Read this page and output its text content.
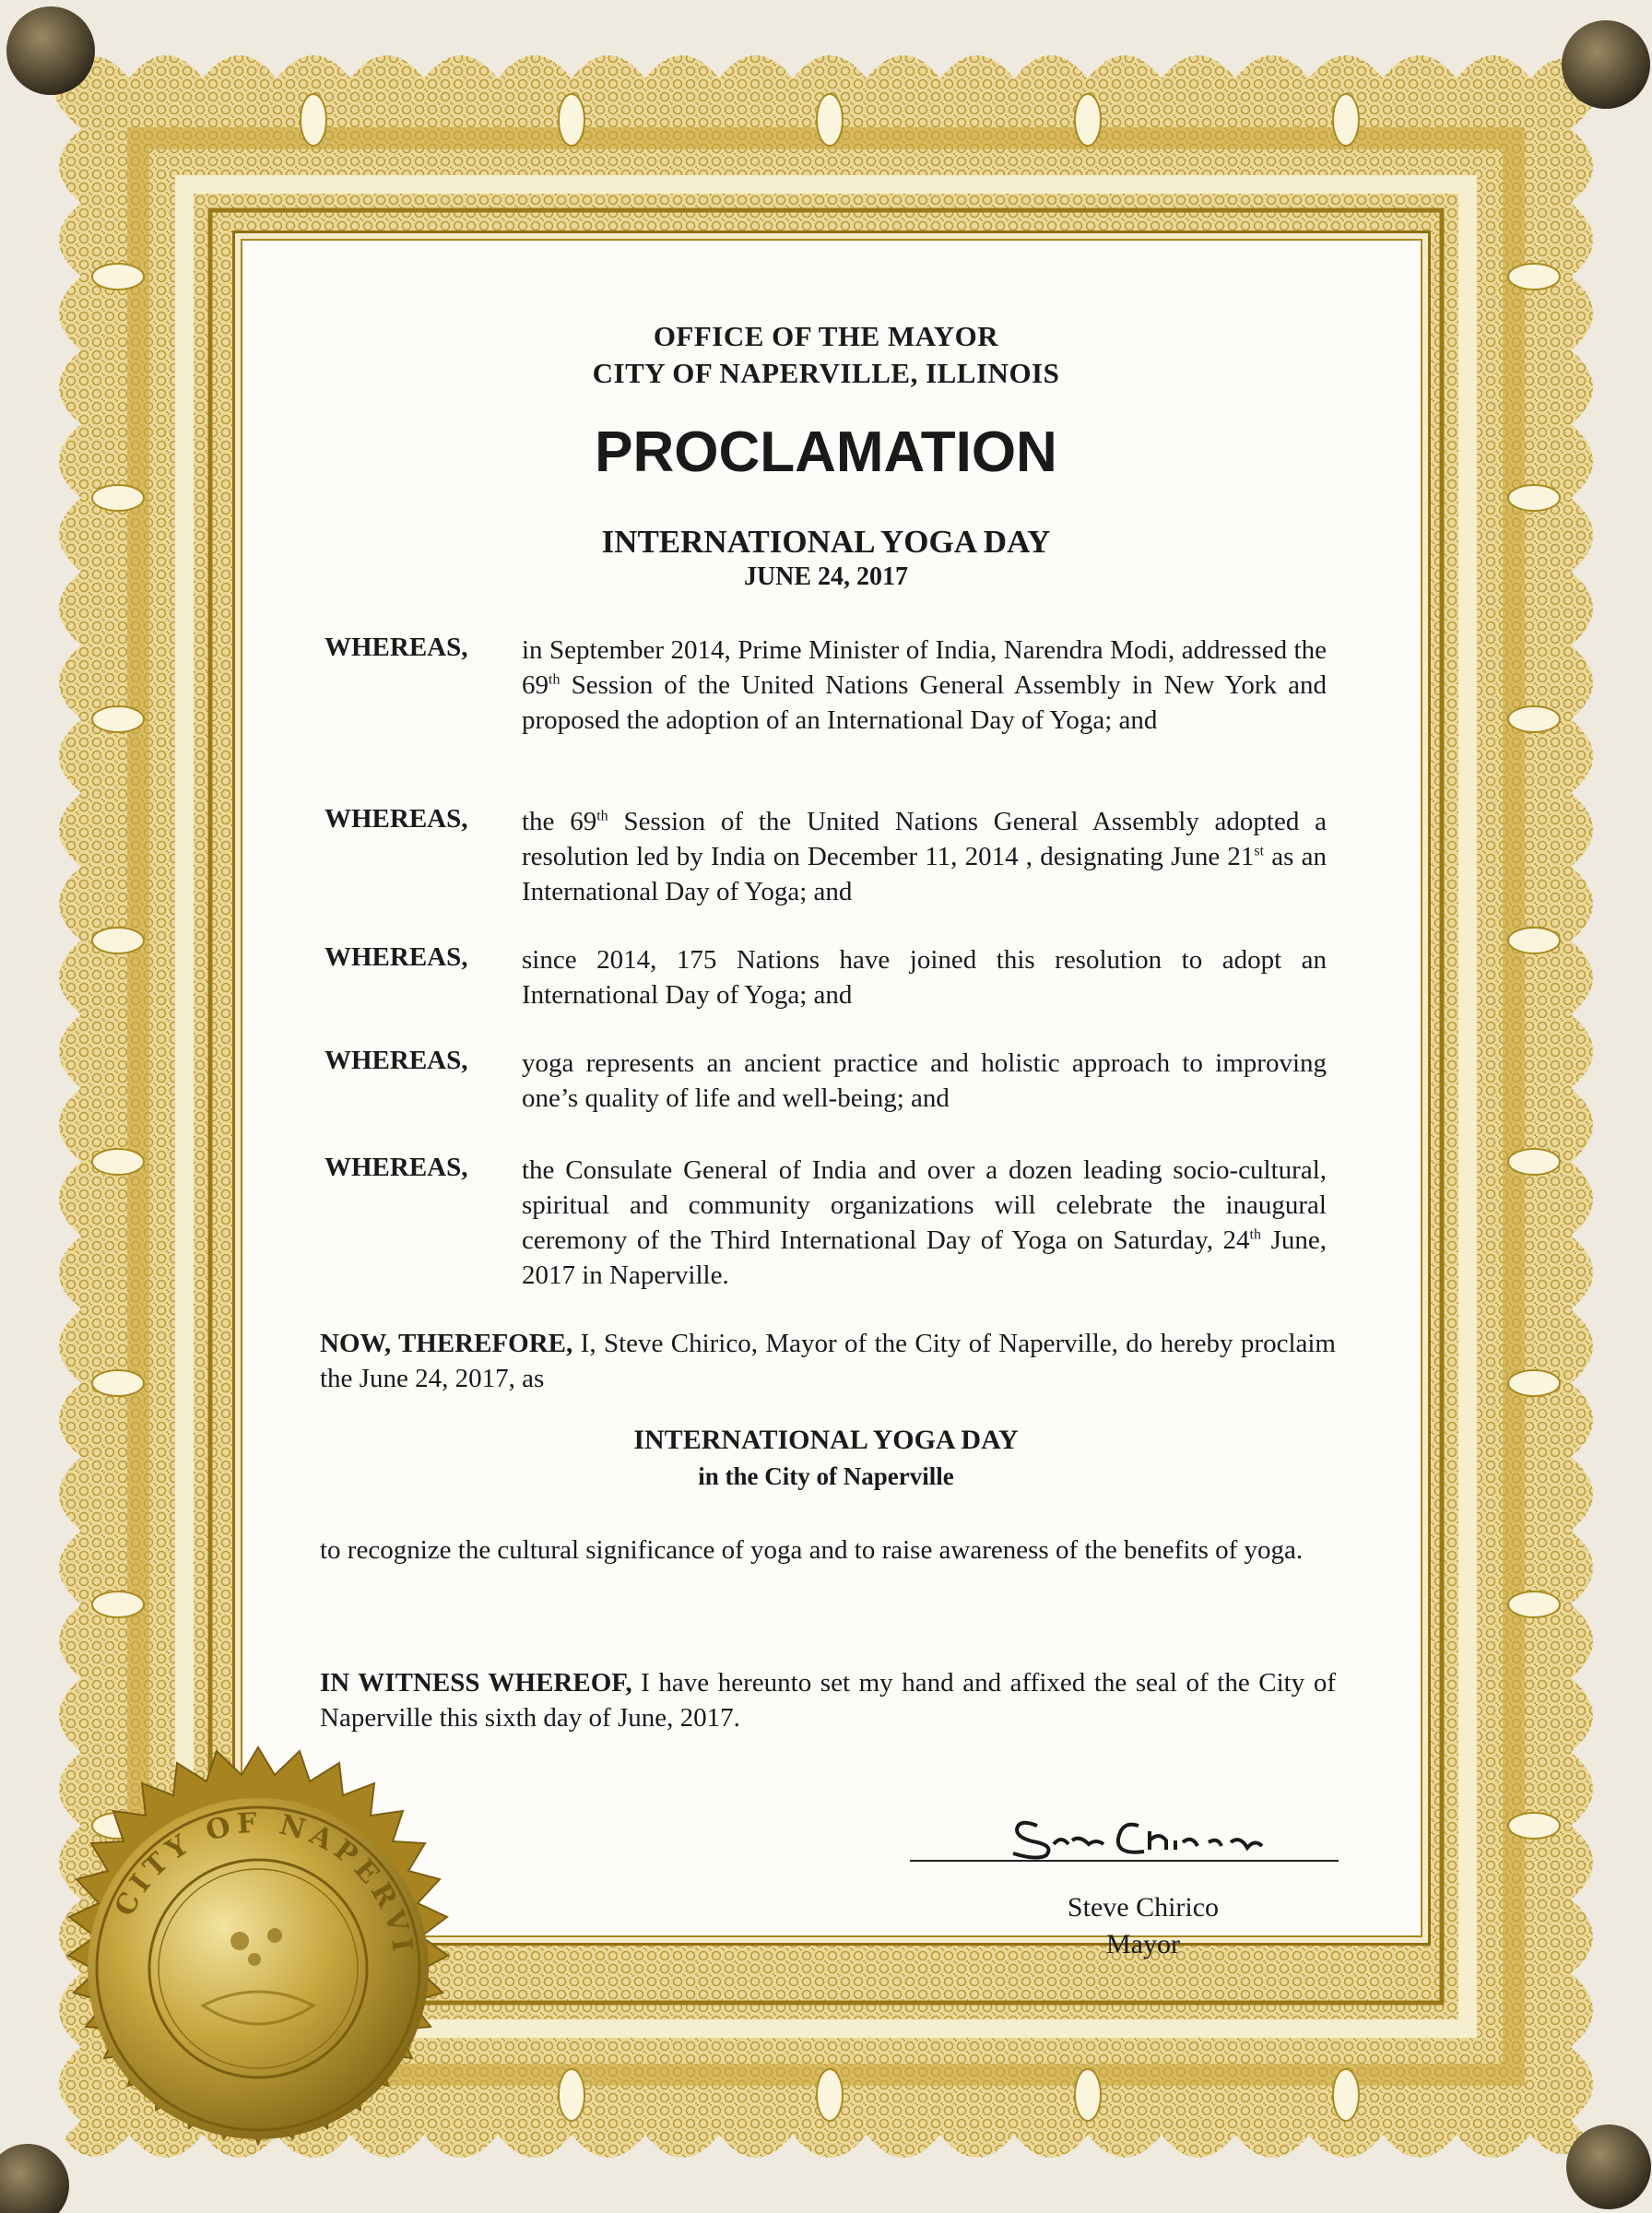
OFFICE OF THE MAYOR
CITY OF NAPERVILLE, ILLINOIS
PROCLAMATION
INTERNATIONAL YOGA DAY
JUNE 24, 2017
WHEREAS,	in September 2014, Prime Minister of India, Narendra Modi, addressed the 69th Session of the United Nations General Assembly in New York and proposed the adoption of an International Day of Yoga; and
WHEREAS,	the 69th Session of the United Nations General Assembly adopted a resolution led by India on December 11, 2014 , designating June 21st as an International Day of Yoga; and
WHEREAS,	since 2014, 175 Nations have joined this resolution to adopt an International Day of Yoga; and
WHEREAS,	yoga represents an ancient practice and holistic approach to improving one’s quality of life and well-being; and
WHEREAS,	the Consulate General of India and over a dozen leading socio-cultural, spiritual and community organizations will celebrate the inaugural ceremony of the Third International Day of Yoga on Saturday, 24th June, 2017 in Naperville.
NOW, THEREFORE, I, Steve Chirico, Mayor of the City of Naperville, do hereby proclaim the June 24, 2017, as
INTERNATIONAL YOGA DAY
in the City of Naperville
to recognize the cultural significance of yoga and to raise awareness of the benefits of yoga.
IN WITNESS WHEREOF, I have hereunto set my hand and affixed the seal of the City of Naperville this sixth day of June, 2017.
Steve Chirico
Mayor
CITY OF NAPERVI
